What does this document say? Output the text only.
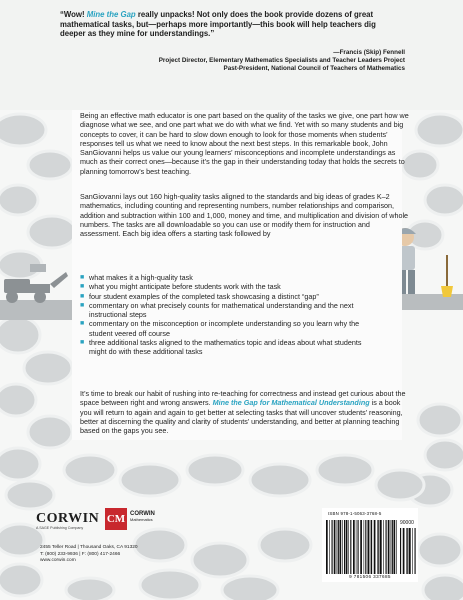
“Wow! Mine the Gap really unpacks! Not only does the book provide dozens of great mathematical tasks, but—perhaps more importantly—this book will help teachers dig deeper as they mine for understandings.”
—Francis (Skip) Fennell
Project Director, Elementary Mathematics Specialists and Teacher Leaders Project
Past-President, National Council of Teachers of Mathematics
Being an effective math educator is one part based on the quality of the tasks we give, one part how we diagnose what we see, and one part what we do with what we find. Yet with so many students and big concepts to cover, it can be hard to slow down enough to look for those moments when students’ responses tell us what we need to know about the next best steps. In this remarkable book, John SanGiovanni helps us value our young learners’ misconceptions and incomplete understandings as much as their correct ones—because it’s the gap in their understanding today that holds the secrets to planning tomorrow’s best teaching.
SanGiovanni lays out 160 high-quality tasks aligned to the standards and big ideas of grades K–2 mathematics, including counting and representing numbers, number relationships and comparison, addition and subtraction within 100 and 1,000, money and time, and multiplication and division of whole numbers. The tasks are all downloadable so you can use or modify them for instruction and assessment. Each big idea offers a starting task followed by
■ what makes it a high-quality task
■ what you might anticipate before students work with the task
■ four student examples of the completed task showcasing a distinct “gap”
■ commentary on what precisely counts for mathematical understanding and the next instructional steps
■ commentary on the misconception or incomplete understanding so you learn why the student veered off course
■ three additional tasks aligned to the mathematics topic and ideas about what students might do with these additional tasks
It’s time to break our habit of rushing into re-teaching for correctness and instead get curious about the space between right and wrong answers. Mine the Gap for Mathematical Understanding is a book you will return to again and again to get better at selecting tasks that will uncover students’ reasoning, better at discerning the quality and clarity of students’ understanding, and better at planning teaching based on the gaps you see.
CORWIN
A SAGE Publishing Company
CM CORWIN
Mathematics
2455 Teller Road | Thousand Oaks, CA 91320
T: (800) 233-9936 | F: (800) 417-2466
www.corwin.com
ISBN 978-1-5063-3768-5
90000
9 781506 337685
